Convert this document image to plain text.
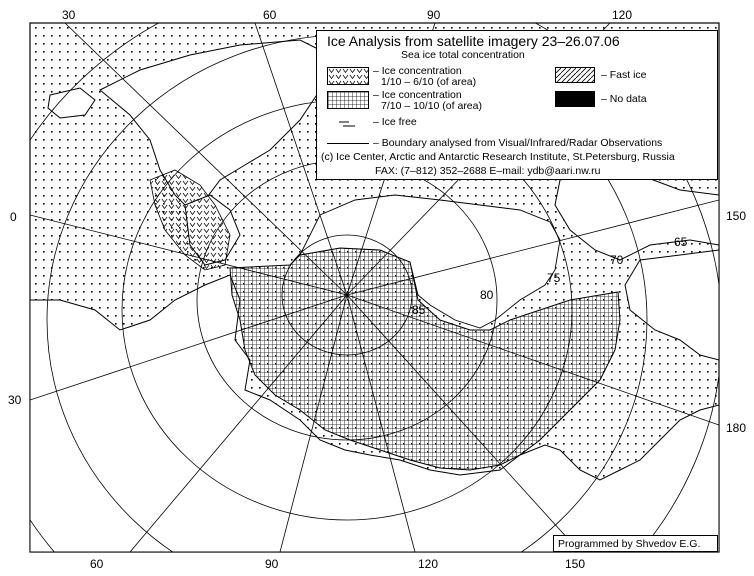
30	60	90	120
0
30
150
180
60	90	120	150
85
80
75
70
65
Ice Analysis from satellite imagery 23–26.07.06
Sea ice total concentration
– Ice concentration
1/10 – 6/10 (of area)
– Ice concentration
7/10 – 10/10 (of area)
– Fast ice
– No data
– Ice free
– Boundary analysed from Visual/Infrared/Radar Observations
(c) Ice Center, Arctic and Antarctic Research Institute, St.Petersburg, Russia
FAX: (7–812) 352–2688 E–mail: ydb@aari.nw.ru
Programmed by Shvedov E.G.
